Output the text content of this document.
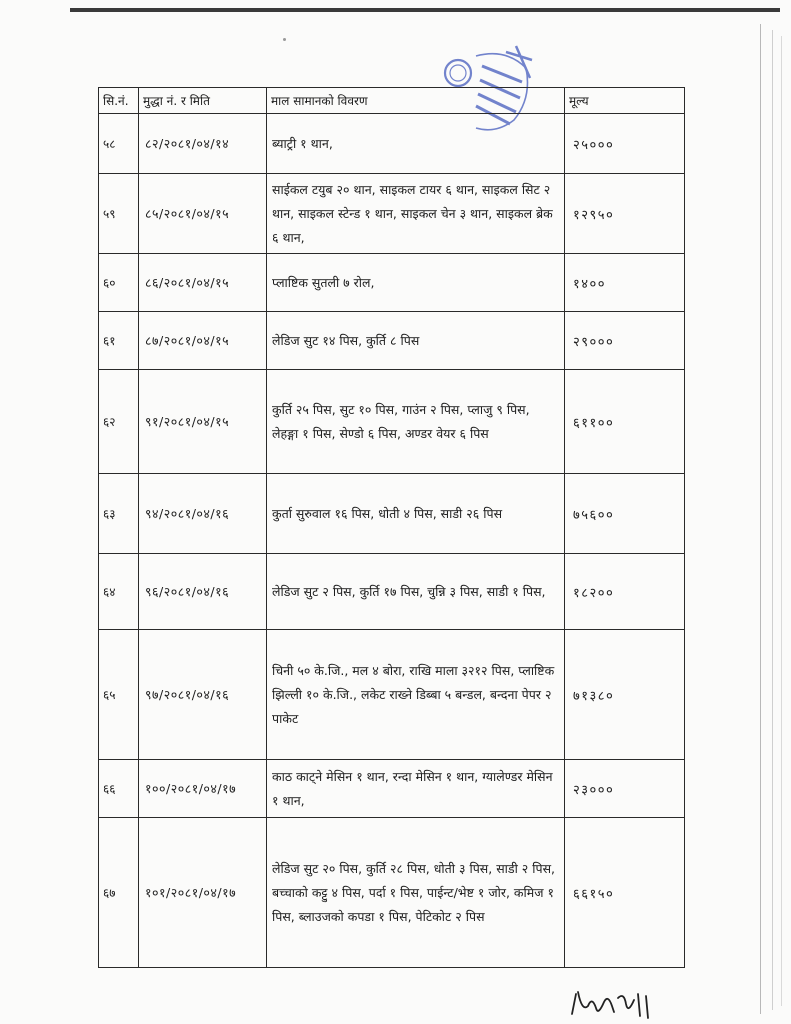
सि.नं.	मुद्धा नं. र मिति	माल सामानको विवरण	मूल्य
५८	८२/२०८१/०४/१४	ब्याट्री १ थान,	२५०००
५९	८५/२०८१/०४/१५	साईकल टयुब २० थान, साइकल टायर ६ थान, साइकल सिट २ थान, साइकल स्टेन्ड १ थान, साइकल चेन ३ थान, साइकल ब्रेक ६ थान,	१२९५०
६०	८६/२०८१/०४/१५	प्लाष्टिक सुतली ७ रोल,	१४००
६१	८७/२०८१/०४/१५	लेडिज सुट १४ पिस, कुर्ति ८ पिस	२९०००
६२	९१/२०८१/०४/१५	कुर्ति २५ पिस, सुट १० पिस, गाउंन २ पिस, प्लाजु ९ पिस, लेहङ्गा १ पिस, सेण्डो ६ पिस, अण्डर वेयर ६ पिस	६११००
६३	९४/२०८१/०४/१६	कुर्ता सुरुवाल १६ पिस, धोती ४ पिस, साडी २६ पिस	७५६००
६४	९६/२०८१/०४/१६	लेडिज सुट २ पिस, कुर्ति १७ पिस, चुन्नि ३ पिस, साडी १ पिस,	१८२००
६५	९७/२०८१/०४/१६	चिनी ५० के.जि., मल ४ बोरा, राखि माला ३२१२ पिस, प्लाष्टिक झिल्ली १० के.जि., लकेट राख्ने डिब्बा ५ बन्डल, बन्दना पेपर २ पाकेट	७१३८०
६६	१००/२०८१/०४/१७	काठ काट्ने मेसिन १ थान, रन्दा मेसिन १ थान, ग्यालेण्डर मेसिन १ थान,	२३०००
६७	१०१/२०८१/०४/१७	लेडिज सुट २० पिस, कुर्ति २८ पिस, धोती ३ पिस, साडी २ पिस, बच्चाको कट्टु ४ पिस, पर्दा १ पिस, पाईन्ट/भेष्ट १ जोर, कमिज १ पिस, ब्लाउजको कपडा १ पिस, पेटिकोट २ पिस	६६१५०
